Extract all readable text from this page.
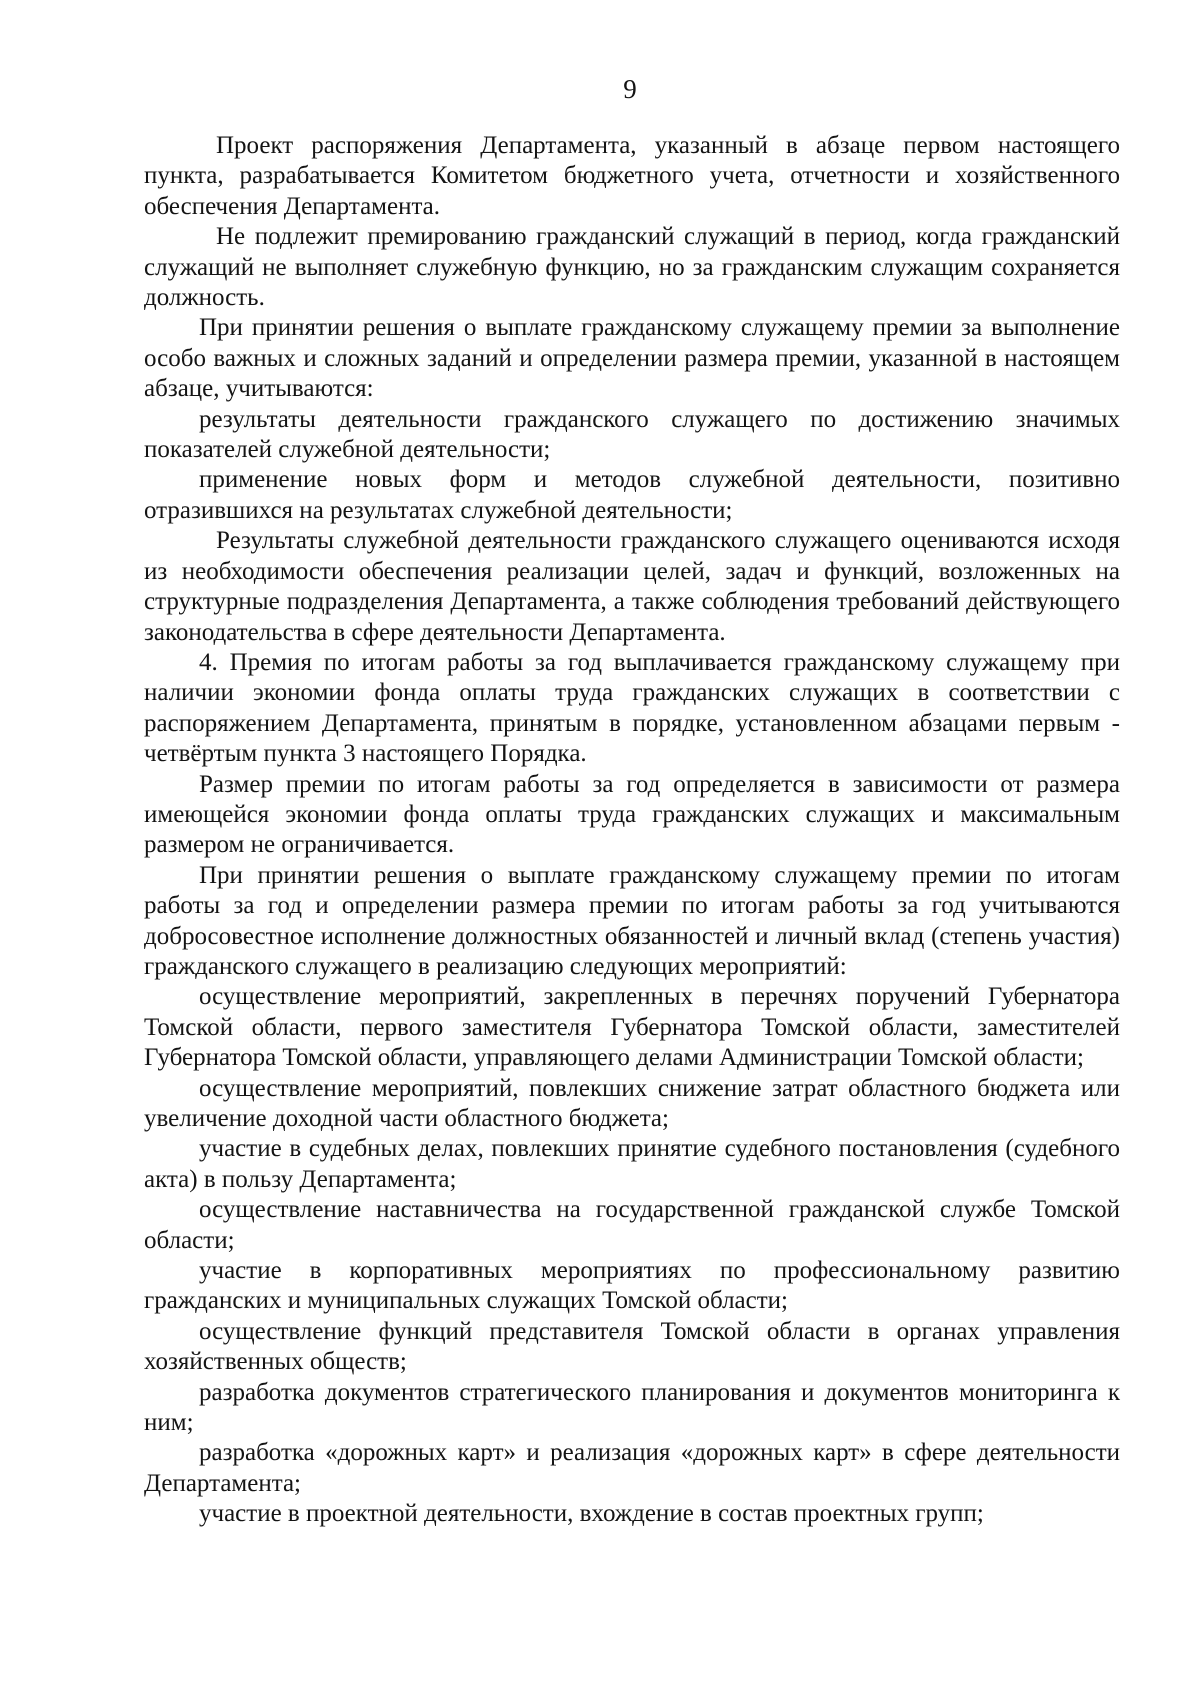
9

Проект распоряжения Департамента, указанный в абзаце первом настоящего пункта, разрабатывается Комитетом бюджетного учета, отчетности и хозяйственного обеспечения Департамента.

Не подлежит премированию гражданский служащий в период, когда гражданский служащий не выполняет служебную функцию, но за гражданским служащим сохраняется должность.

При принятии решения о выплате гражданскому служащему премии за выполнение особо важных и сложных заданий и определении размера премии, указанной в настоящем абзаце, учитываются:

результаты деятельности гражданского служащего по достижению значимых показателей служебной деятельности;

применение новых форм и методов служебной деятельности, позитивно отразившихся на результатах служебной деятельности;

Результаты служебной деятельности гражданского служащего оцениваются исходя из необходимости обеспечения реализации целей, задач и функций, возложенных на структурные подразделения Департамента, а также соблюдения требований действующего законодательства в сфере деятельности Департамента.

4. Премия по итогам работы за год выплачивается гражданскому служащему при наличии экономии фонда оплаты труда гражданских служащих в соответствии с распоряжением Департамента, принятым в порядке, установленном абзацами первым - четвёртым пункта 3 настоящего Порядка.

Размер премии по итогам работы за год определяется в зависимости от размера имеющейся экономии фонда оплаты труда гражданских служащих и максимальным размером не ограничивается.

При принятии решения о выплате гражданскому служащему премии по итогам работы за год и определении размера премии по итогам работы за год учитываются добросовестное исполнение должностных обязанностей и личный вклад (степень участия) гражданского служащего в реализацию следующих мероприятий:

осуществление мероприятий, закрепленных в перечнях поручений Губернатора Томской области, первого заместителя Губернатора Томской области, заместителей Губернатора Томской области, управляющего делами Администрации Томской области;

осуществление мероприятий, повлекших снижение затрат областного бюджета или увеличение доходной части областного бюджета;

участие в судебных делах, повлекших принятие судебного постановления (судебного акта) в пользу Департамента;

осуществление наставничества на государственной гражданской службе Томской области;

участие в корпоративных мероприятиях по профессиональному развитию гражданских и муниципальных служащих Томской области;

осуществление функций представителя Томской области в органах управления хозяйственных обществ;

разработка документов стратегического планирования и документов мониторинга к ним;

разработка «дорожных карт» и реализация «дорожных карт» в сфере деятельности Департамента;

участие в проектной деятельности, вхождение в состав проектных групп;
